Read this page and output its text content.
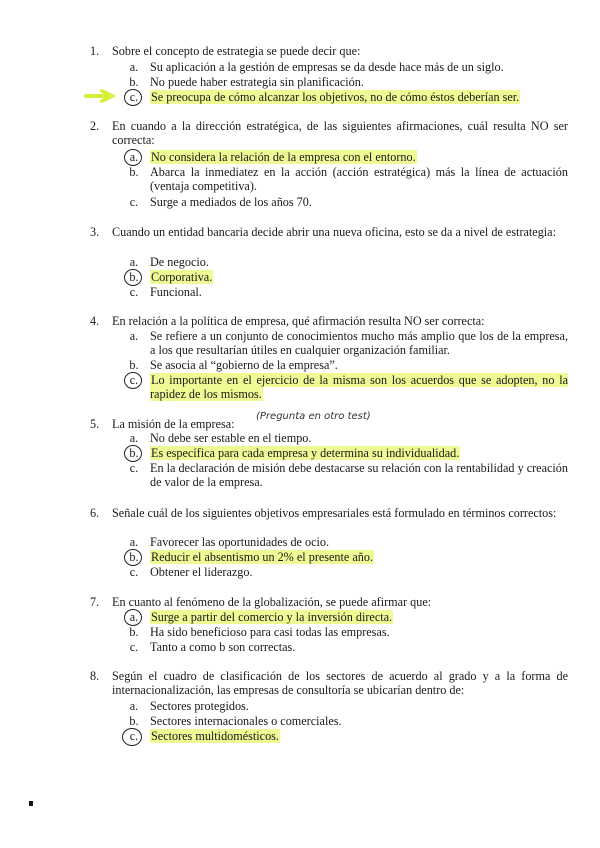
1. Sobre el concepto de estrategia se puede decir que:
a. Su aplicación a la gestión de empresas se da desde hace más de un siglo.
b. No puede haber estrategia sin planificación.
c. Se preocupa de cómo alcanzar los objetivos, no de cómo éstos deberían ser.
2. En cuando a la dirección estratégica, de las siguientes afirmaciones, cuál resulta NO ser correcta:
a. No considera la relación de la empresa con el entorno.
b. Abarca la inmediatez en la acción (acción estratégica) más la línea de actuación (ventaja competitiva).
c. Surge a mediados de los años 70.
3. Cuando un entidad bancaria decide abrir una nueva oficina, esto se da a nivel de estrategia:
a. De negocio.
b. Corporativa.
c. Funcional.
4. En relación a la política de empresa, qué afirmación resulta NO ser correcta:
a. Se refiere a un conjunto de conocimientos mucho más amplio que los de la empresa, a los que resultarían útiles en cualquier organización familiar.
b. Se asocia al “gobierno de la empresa”.
c. Lo importante en el ejercicio de la misma son los acuerdos que se adopten, no la rapidez de los mismos.
5. La misión de la empresa:
(Pregunta en otro test)
a. No debe ser estable en el tiempo.
b. Es específica para cada empresa y determina su individualidad.
c. En la declaración de misión debe destacarse su relación con la rentabilidad y creación de valor de la empresa.
6. Señale cuál de los siguientes objetivos empresariales está formulado en términos correctos:
a. Favorecer las oportunidades de ocio.
b. Reducir el absentismo un 2% el presente año.
c. Obtener el liderazgo.
7. En cuanto al fenómeno de la globalización, se puede afirmar que:
a. Surge a partir del comercio y la inversión directa.
b. Ha sido beneficioso para casi todas las empresas.
c. Tanto a como b son correctas.
8. Según el cuadro de clasificación de los sectores de acuerdo al grado y a la forma de internacionalización, las empresas de consultoría se ubicarían dentro de:
a. Sectores protegidos.
b. Sectores internacionales o comerciales.
c. Sectores multidomésticos.
